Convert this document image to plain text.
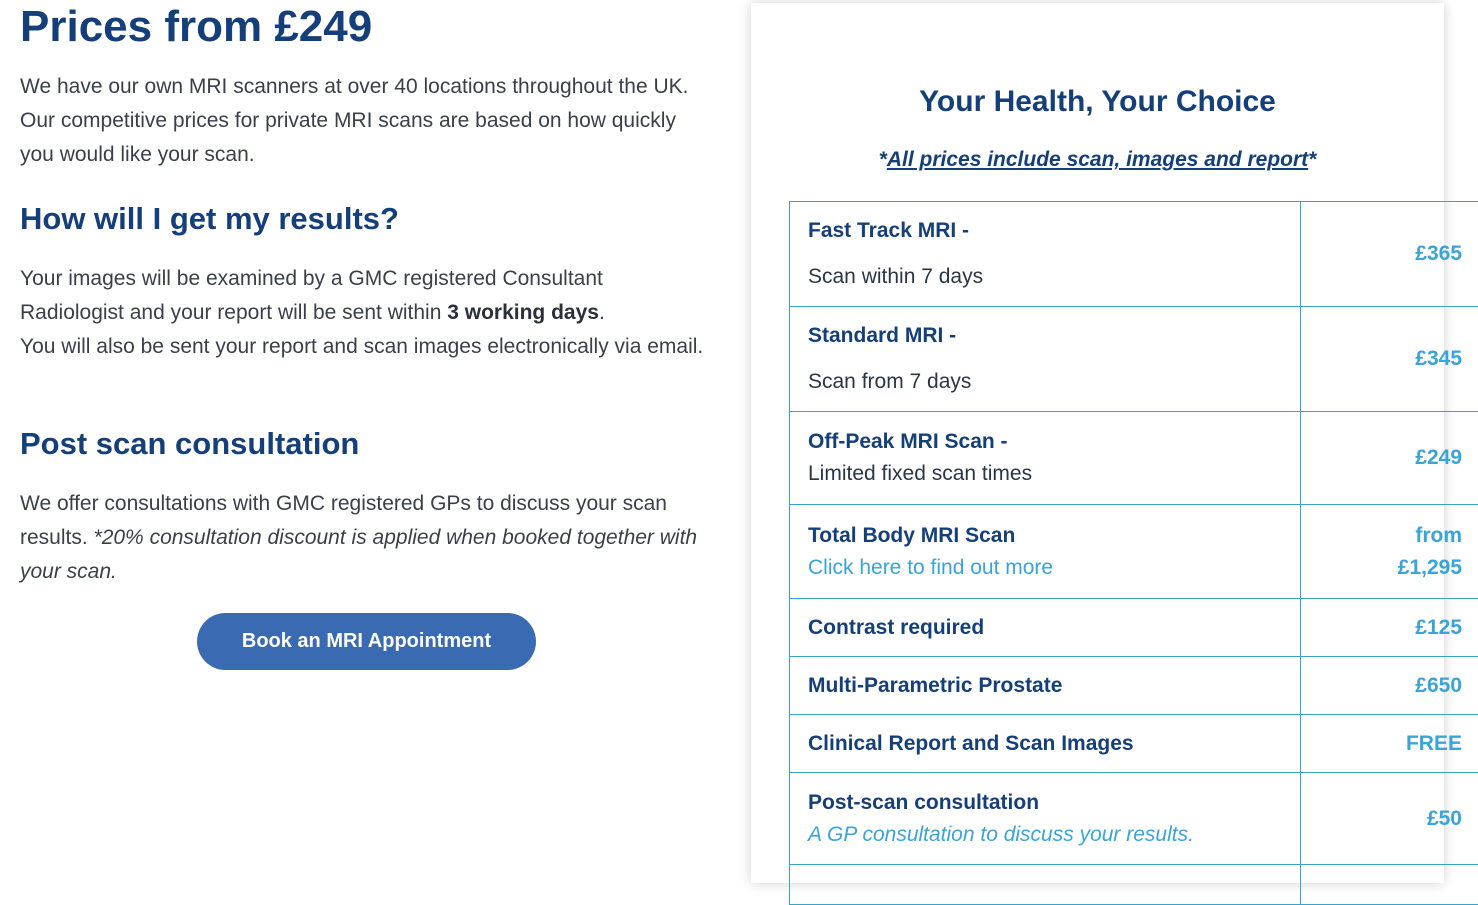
Prices from £249

We have our own MRI scanners at over 40 locations throughout the UK. Our competitive prices for private MRI scans are based on how quickly you would like your scan.

How will I get my results?

Your images will be examined by a GMC registered Consultant Radiologist and your report will be sent within 3 working days.
You will also be sent your report and scan images electronically via email.

Post scan consultation

We offer consultations with GMC registered GPs to discuss your scan results. *20% consultation discount is applied when booked together with your scan.

Book an MRI Appointment
Your Health, Your Choice
*All prices include scan, images and report*
Fast Track MRI -
Scan within 7 days	£365

Standard MRI -
Scan from 7 days	£345

Off-Peak MRI Scan -
Limited fixed scan times	£249

Total Body MRI Scan
Click here to find out more	from
£1,295

Contrast required	£125

Multi-Parametric Prostate	£650

Clinical Report and Scan Images	FREE

Post-scan consultation
A GP consultation to discuss your results.	£50
